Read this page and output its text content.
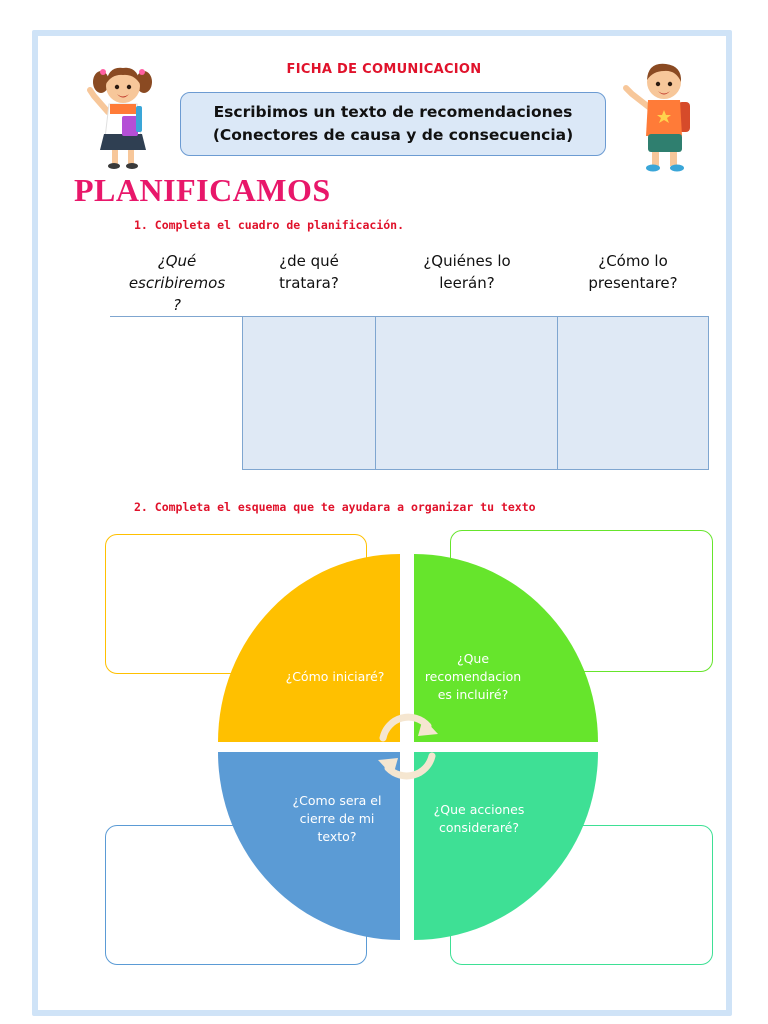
FICHA DE COMUNICACION
Escribimos un texto de recomendaciones
(Conectores de causa y de consecuencia)
PLANIFICAMOS
1. Completa el cuadro de planificación.
¿Qué
escribiremos
?
¿de qué
tratara?
¿Quiénes lo
leerán?
¿Cómo lo
presentare?
2. Completa el esquema que te ayudara a organizar tu texto
¿Cómo iniciaré?
¿Que
recomendacion
es incluiré?
¿Como sera el
cierre de mi
texto?
¿Que acciones
consideraré?
